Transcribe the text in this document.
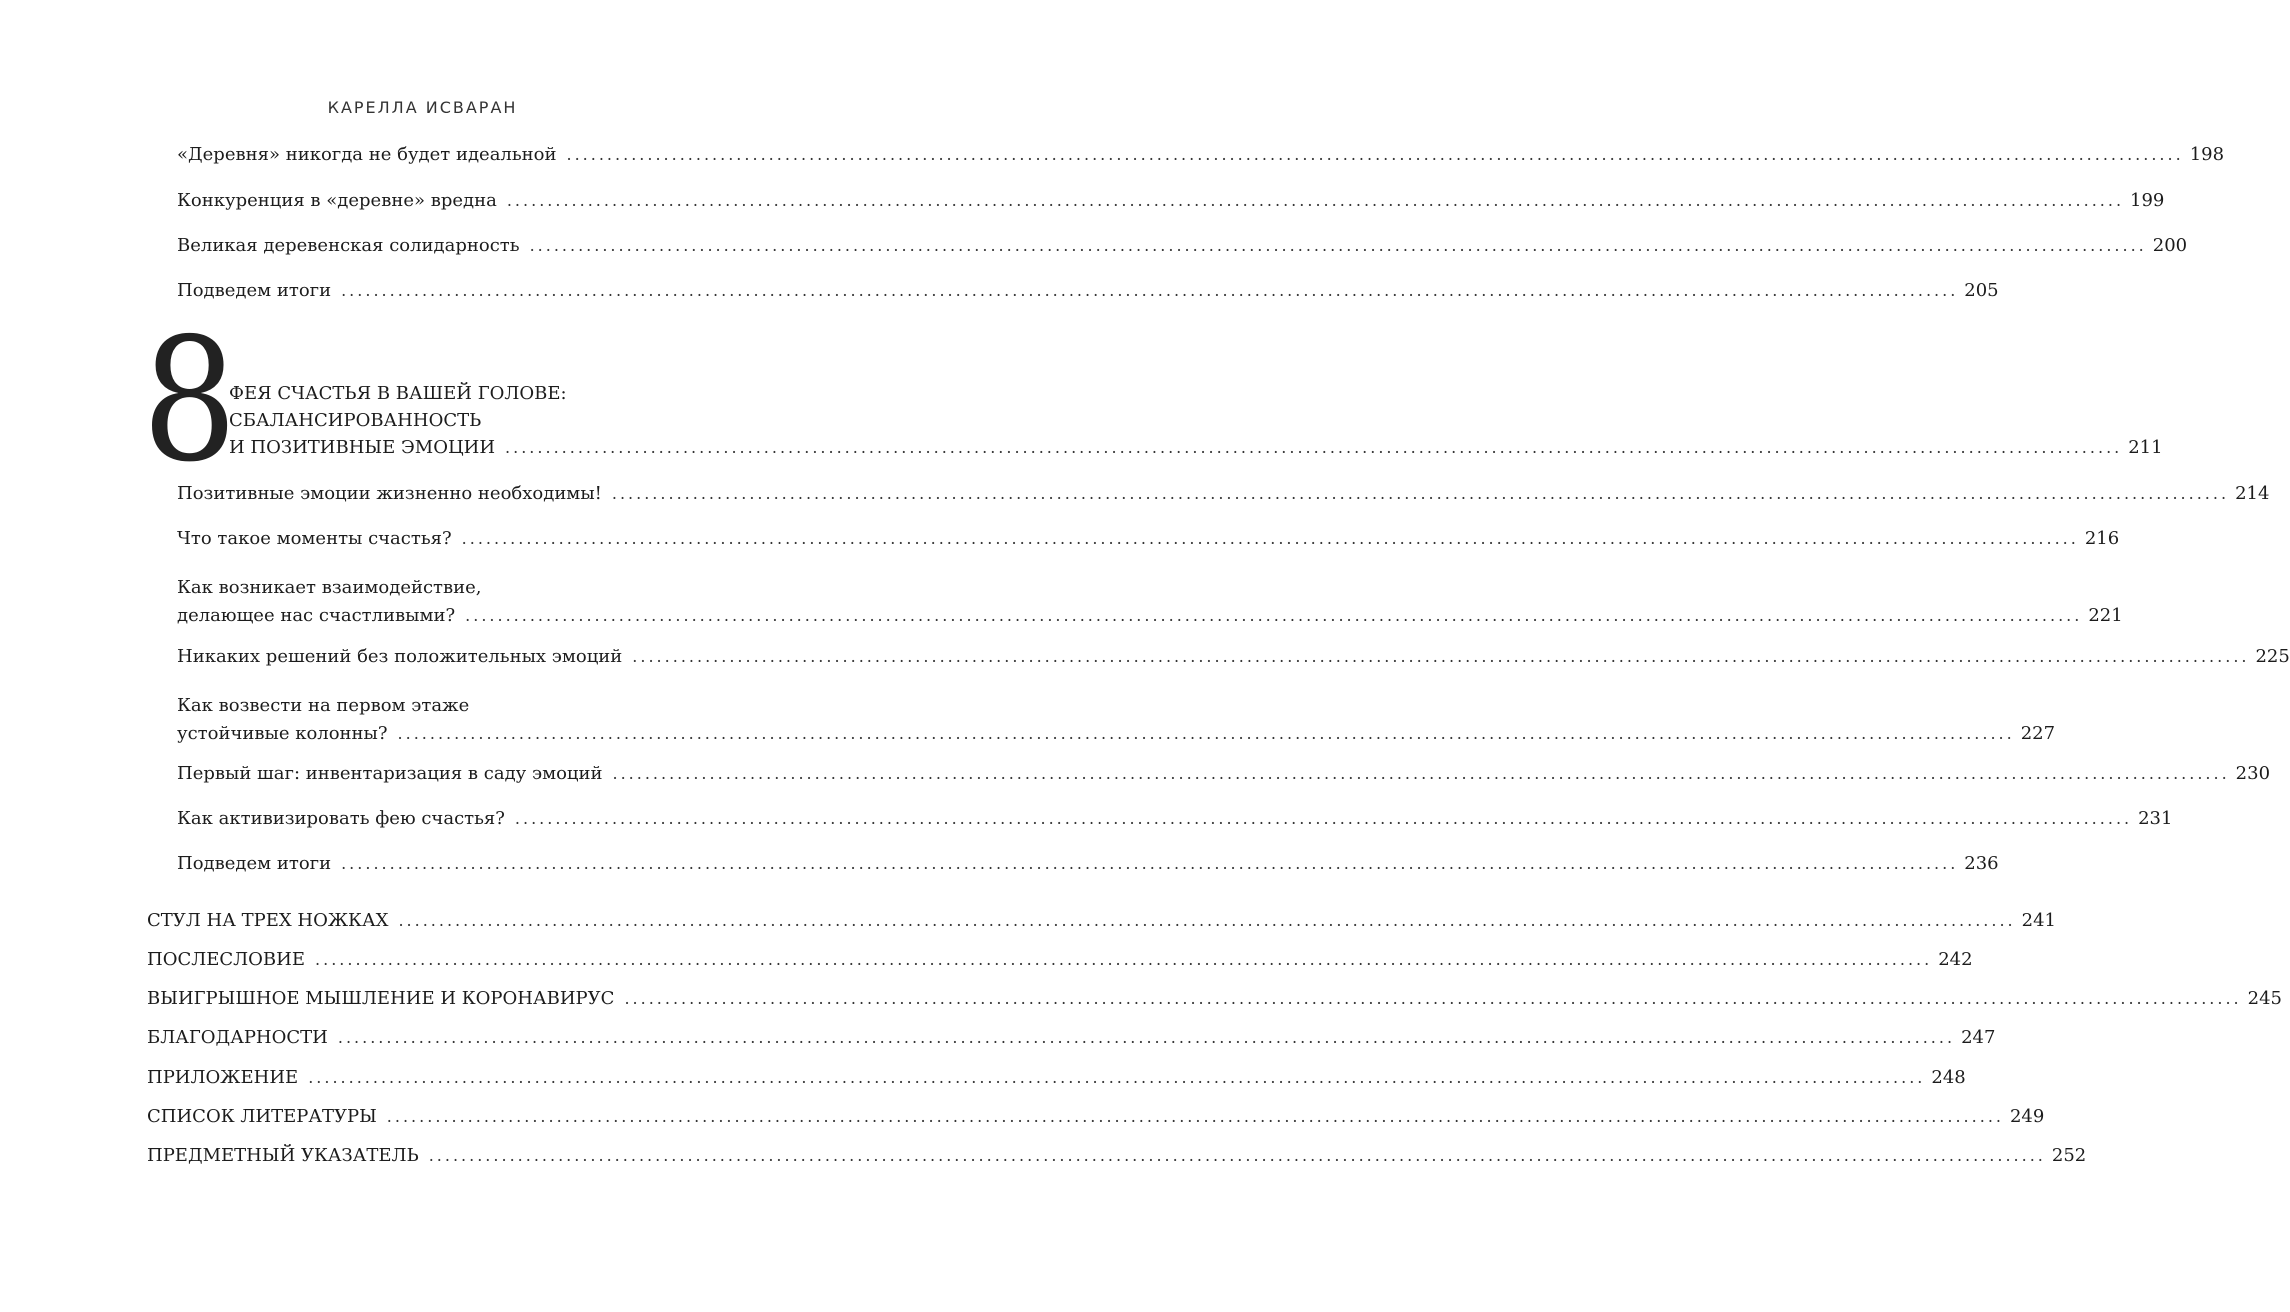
КАРЕЛЛА ИСВАРАН
«Деревня» никогда не будет идеальной ........................................................................................................................................................................................................ 198
Конкуренция в «деревне» вредна ........................................................................................................................................................................................................ 199
Великая деревенская солидарность ........................................................................................................................................................................................................ 200
Подведем итоги ........................................................................................................................................................................................................ 205
8
ФЕЯ СЧАСТЬЯ В ВАШЕЙ ГОЛОВЕ:
СБАЛАНСИРОВАННОСТЬ
И ПОЗИТИВНЫЕ ЭМОЦИИ ........................................................................................................................................................................................................ 211
Позитивные эмоции жизненно необходимы! ........................................................................................................................................................................................................ 214
Что такое моменты счастья? ........................................................................................................................................................................................................ 216
Как возникает взаимодействие,
делающее нас счастливыми? ........................................................................................................................................................................................................ 221
Никаких решений без положительных эмоций ........................................................................................................................................................................................................ 225
Как возвести на первом этаже
устойчивые колонны? ........................................................................................................................................................................................................ 227
Первый шаг: инвентаризация в саду эмоций ........................................................................................................................................................................................................ 230
Как активизировать фею счастья? ........................................................................................................................................................................................................ 231
Подведем итоги ........................................................................................................................................................................................................ 236
СТУЛ НА ТРЕХ НОЖКАХ ........................................................................................................................................................................................................ 241
ПОСЛЕСЛОВИЕ ........................................................................................................................................................................................................ 242
ВЫИГРЫШНОЕ МЫШЛЕНИЕ И КОРОНАВИРУС ........................................................................................................................................................................................................ 245
БЛАГОДАРНОСТИ ........................................................................................................................................................................................................ 247
ПРИЛОЖЕНИЕ ........................................................................................................................................................................................................ 248
СПИСОК ЛИТЕРАТУРЫ ........................................................................................................................................................................................................ 249
ПРЕДМЕТНЫЙ УКАЗАТЕЛЬ ........................................................................................................................................................................................................ 252
